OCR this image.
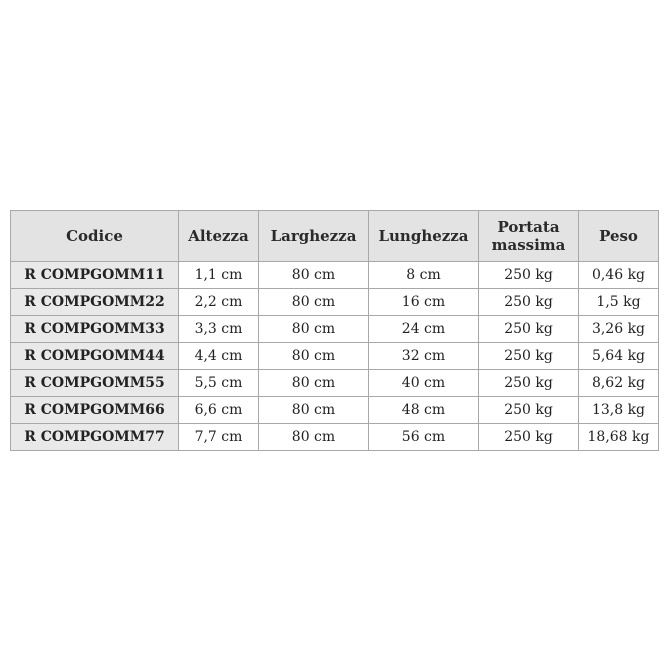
Codice	Altezza	Larghezza	Lunghezza	Portata massima	Peso
R COMPGOMM11	1,1 cm	80 cm	8 cm	250 kg	0,46 kg
R COMPGOMM22	2,2 cm	80 cm	16 cm	250 kg	1,5 kg
R COMPGOMM33	3,3 cm	80 cm	24 cm	250 kg	3,26 kg
R COMPGOMM44	4,4 cm	80 cm	32 cm	250 kg	5,64 kg
R COMPGOMM55	5,5 cm	80 cm	40 cm	250 kg	8,62 kg
R COMPGOMM66	6,6 cm	80 cm	48 cm	250 kg	13,8 kg
R COMPGOMM77	7,7 cm	80 cm	56 cm	250 kg	18,68 kg
